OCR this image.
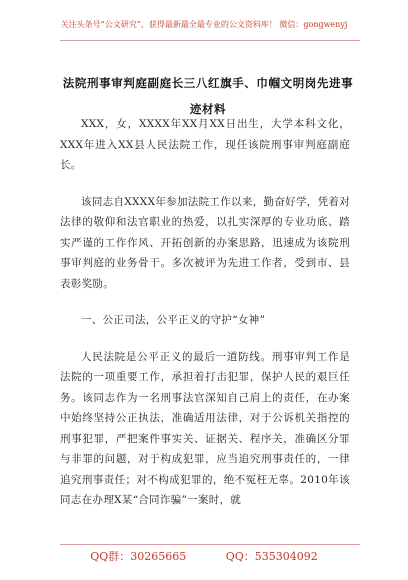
关注头条号“公文研究”，获得最新最全最专业的公文资料库！ 微信：gongwenyj
法院刑事审判庭副庭长三八红旗手、巾帼文明岗先进事迹材料

XXX，女，XXXX年XX月XX日出生，大学本科文化，XXX年进入XX县人民法院工作，现任该院刑事审判庭副庭长。

该同志自XXXX年参加法院工作以来，勤奋好学，凭着对法律的敬仰和法官职业的热爱，以扎实深厚的专业功底、踏实严谨的工作作风、开拓创新的办案思路，迅速成为该院刑事审判庭的业务骨干。多次被评为先进工作者，受到市、县表彰奖励。

一、公正司法，公平正义的守护“女神”

人民法院是公平正义的最后一道防线。刑事审判工作是法院的一项重要工作，承担着打击犯罪，保护人民的艰巨任务。该同志作为一名刑事法官深知自己肩上的责任，在办案中始终坚持公正执法，准确适用法律，对于公诉机关指控的刑事犯罪，严把案件事实关、证据关、程序关，准确区分罪与非罪的问题，对于构成犯罪，应当追究刑事责任的，一律追究刑事责任；对不构成犯罪的，绝不冤枉无辜。2010年该同志在办理X某“合同诈骗”一案时，就

QQ群：30265665	QQ：535304092
